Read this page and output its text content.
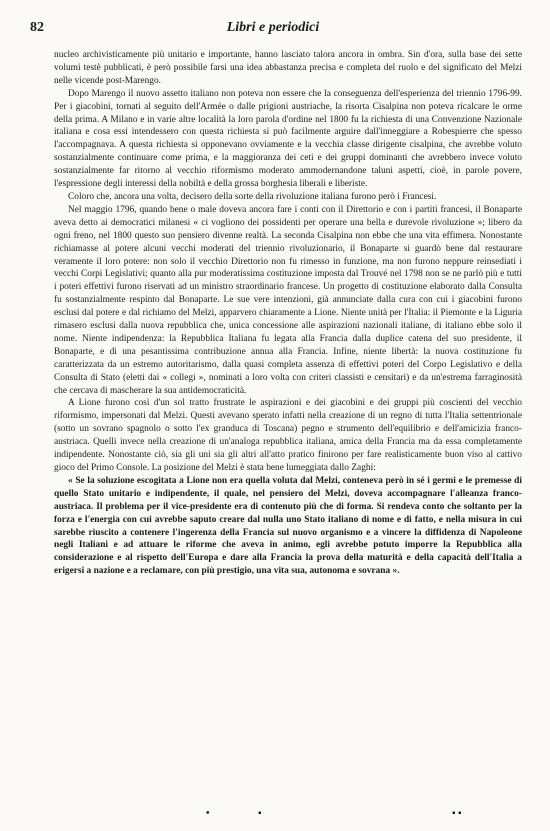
82	Libri e periodici

nucleo archivisticamente più unitario e importante, hanno lasciato talora ancora in ombra. Sin d'ora, sulla base dei sette volumi testè pubblicati, è però possibile farsi una idea abbastanza precisa e completa del ruolo e del significato del Melzi nelle vicende post-Marengo.

Dopo Marengo il nuovo assetto italiano non poteva non essere che la conseguenza dell'esperienza del triennio 1796-99. Per i giacobini, tornati al seguito dell'Armée o dalle prigioni austriache, la risorta Cisalpina non poteva ricalcare le orme della prima. A Milano e in varie altre località la loro parola d'ordine nel 1800 fu la richiesta di una Convenzione Nazionale italiana e cosa essi intendessero con questa richiesta si può facilmente arguire dall'inneggiare a Robespierre che spesso l'accompagnava. A questa richiesta si opponevano ovviamente e la vecchia classe dirigente cisalpina, che avrebbe voluto sostanzialmente continuare come prima, e la maggioranza dei ceti e dei gruppi dominanti che avrebbero invece voluto sostanzialmente far ritorno al vecchio riformismo moderato ammodernandone taluni aspetti, cioè, in parole povere, l'espressione degli interessi della nobiltà e della grossa borghesia liberali e liberiste.

Coloro che, ancora una volta, decisero della sorte della rivoluzione italiana furono però i Francesi.

Nel maggio 1796, quando bene o male doveva ancora fare i conti con il Direttorio e con i partiti francesi, il Bonaparte aveva detto ai democratici milanesi « ci vogliono dei possidenti per operare una bella e durevole rivoluzione »; libero da ogni freno, nel 1800 questo suo pensiero divenne realtà. La seconda Cisalpina non ebbe che una vita effimera. Nonostante richiamasse al potere alcuni vecchi moderati del triennio rivoluzionario, il Bonaparte si guardò bene dal restaurare veramente il loro potere: non solo il vecchio Direttorio non fu rimesso in funzione, ma non furono neppure reinsediati i vecchi Corpi Legislativi; quanto alla pur moderatissima costituzione imposta dal Trouvé nel 1798 non se ne parlò più e tutti i poteri effettivi furono riservati ad un ministro straordinario francese. Un progetto di costituzione elaborato dalla Consulta fu sostanzialmente respinto dal Bonaparte. Le sue vere intenzioni, già annunciate dalla cura con cui i giacobini furono esclusi dal potere e dal richiamo del Melzi, apparvero chiaramente a Lione. Niente unità per l'Italia: il Piemonte e la Liguria rimasero esclusi dalla nuova repubblica che, unica concessione alle aspirazioni nazionali italiane, di italiano ebbe solo il nome. Niente indipendenza: la Repubblica Italiana fu legata alla Francia dalla duplice catena del suo presidente, il Bonaparte, e di una pesantissima contribuzione annua alla Francia. Infine, niente libertà: la nuova costituzione fu caratterizzata da un estremo autoritarismo, dalla quasi completa assenza di effettivi poteri del Corpo Legislativo e della Consulta di Stato (eletti dai « collegi », nominati a loro volta con criteri classisti e censitari) e da un'estrema farraginosità che cercava di mascherare la sua antidemocraticità.

A Lione furono così d'un sol tratto frustrate le aspirazioni e dei giacobini e dei gruppi più coscienti del vecchio riformismo, impersonati dal Melzi. Questi avevano sperato infatti nella creazione di un regno di tutta l'Italia settentrionale (sotto un sovrano spagnolo o sotto l'ex granduca di Toscana) pegno e strumento dell'equilibrio e dell'amicizia franco-austriaca. Quelli invece nella creazione di un'analoga repubblica italiana, amica della Francia ma da essa completamente indipendente. Nonostante ciò, sia gli uni sia gli altri all'atto pratico finirono per fare realisticamente buon viso al cattivo gioco del Primo Console. La posizione del Melzi è stata bene lumeggiata dallo Zaghi:

« Se la soluzione escogitata a Lione non era quella voluta dal Melzi, conteneva però in sé i germi e le premesse di quello Stato unitario e indipendente, il quale, nel pensiero del Melzi, doveva accompagnare l'alleanza franco-austriaca. Il problema per il vice-presidente era di contenuto più che di forma. Si rendeva conto che soltanto per la forza e l'energia con cui avrebbe saputo creare dal nulla uno Stato italiano di nome e di fatto, e nella misura in cui sarebbe riuscito a contenere l'ingerenza della Francia sul nuovo organismo e a vincere la diffidenza di Napoleone negli Italiani e ad attuare le riforme che aveva in animo, egli avrebbe potuto imporre la Repubblica alla considerazione e al rispetto dell'Europa e dare alla Francia la prova della maturità e della capacità dell'Italia a erigersi a nazione e a reclamare, con più prestigio, una vita sua, autonoma e sovrana ».

•	▪	▪ ▪
